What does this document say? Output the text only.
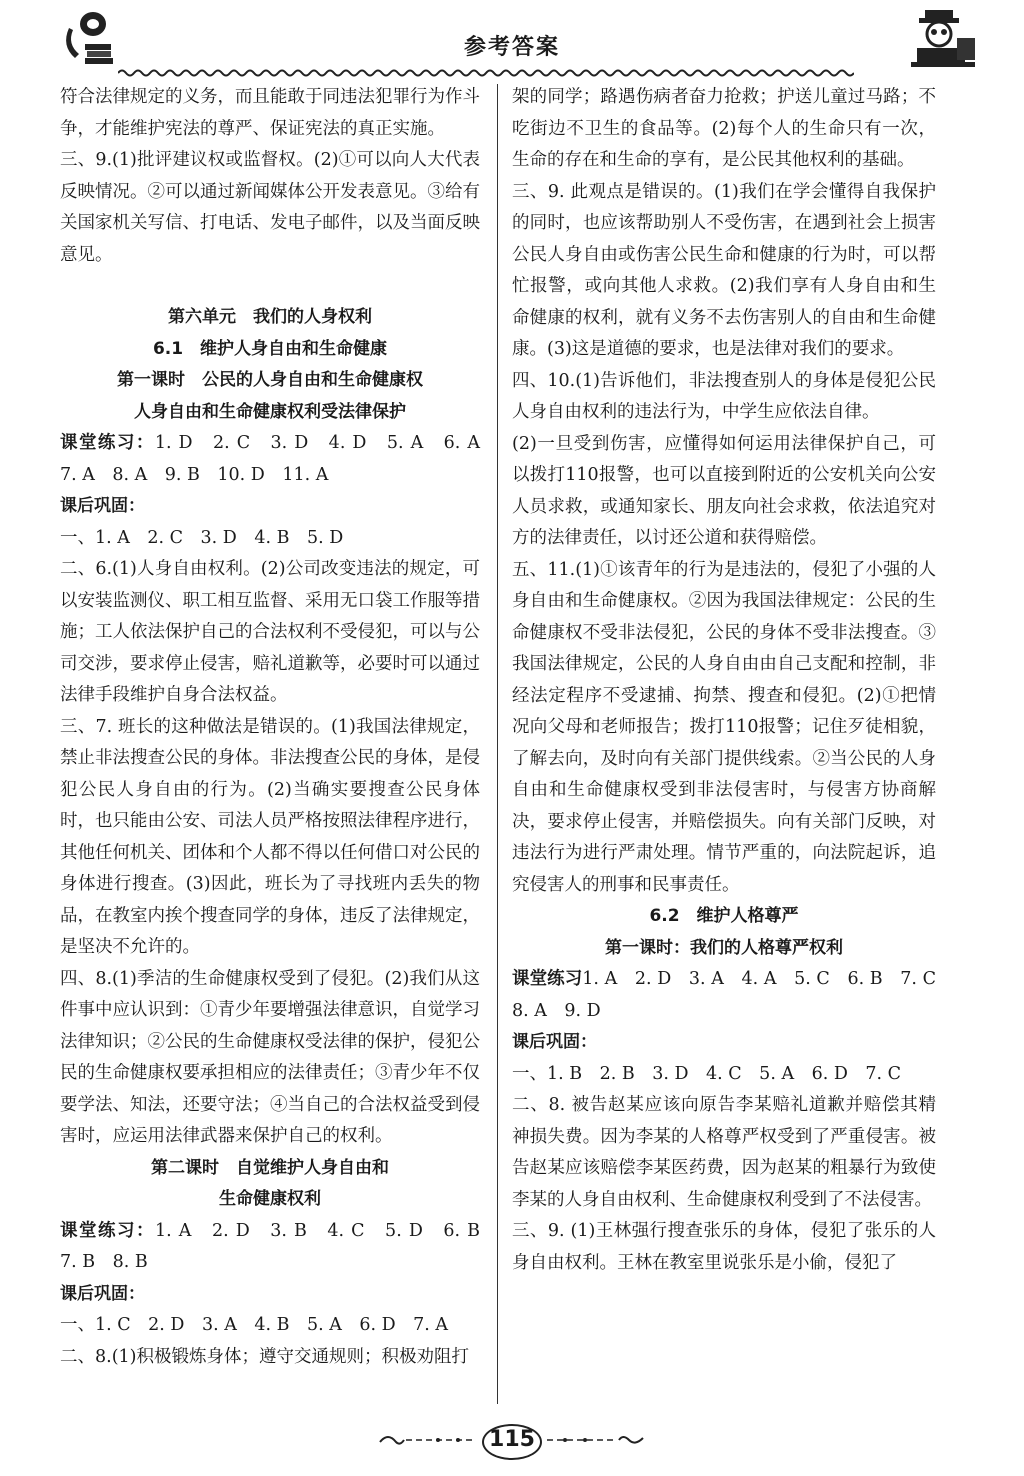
参考答案

符合法律规定的义务，而且能敢于同违法犯罪行为作斗争，才能维护宪法的尊严、保证宪法的真正实施。

三、9.(1)批评建议权或监督权。(2)①可以向人大代表反映情况。②可以通过新闻媒体公开发表意见。③给有关国家机关写信、打电话、发电子邮件，以及当面反映意见。

第六单元　我们的人身权利

6.1　维护人身自由和生命健康

第一课时　公民的人身自由和生命健康权

人身自由和生命健康权利受法律保护

课堂练习：1. D　2. C　3. D　4. D　5. A　6. A　7. A　8. A　9. B　10. D　11. A

课后巩固：

一、1. A　2. C　3. D　4. B　5. D

二、6.(1)人身自由权利。(2)公司改变违法的规定，可以安装监测仪、职工相互监督、采用无口袋工作服等措施；工人依法保护自己的合法权利不受侵犯，可以与公司交涉，要求停止侵害，赔礼道歉等，必要时可以通过法律手段维护自身合法权益。

三、7. 班长的这种做法是错误的。(1)我国法律规定，禁止非法搜查公民的身体。非法搜查公民的身体，是侵犯公民人身自由的行为。(2)当确实要搜查公民身体时，也只能由公安、司法人员严格按照法律程序进行，其他任何机关、团体和个人都不得以任何借口对公民的身体进行搜查。(3)因此，班长为了寻找班内丢失的物品，在教室内挨个搜查同学的身体，违反了法律规定，是坚决不允许的。

四、8.(1)季洁的生命健康权受到了侵犯。(2)我们从这件事中应认识到：①青少年要增强法律意识，自觉学习法律知识；②公民的生命健康权受法律的保护，侵犯公民的生命健康权要承担相应的法律责任；③青少年不仅要学法、知法，还要守法；④当自己的合法权益受到侵害时，应运用法律武器来保护自己的权利。

第二课时　自觉维护人身自由和

生命健康权利

课堂练习：1. A　2. D　3. B　4. C　5. D　6. B　7. B　8. B

课后巩固：

一、1. C　2. D　3. A　4. B　5. A　6. D　7. A

二、8.(1)积极锻炼身体；遵守交通规则；积极劝阻打

架的同学；路遇伤病者奋力抢救；护送儿童过马路；不吃街边不卫生的食品等。(2)每个人的生命只有一次，生命的存在和生命的享有，是公民其他权利的基础。

三、9. 此观点是错误的。(1)我们在学会懂得自我保护的同时，也应该帮助别人不受伤害，在遇到社会上损害公民人身自由或伤害公民生命和健康的行为时，可以帮忙报警，或向其他人求救。(2)我们享有人身自由和生命健康的权利，就有义务不去伤害别人的自由和生命健康。(3)这是道德的要求，也是法律对我们的要求。

四、10.(1)告诉他们，非法搜查别人的身体是侵犯公民人身自由权利的违法行为，中学生应依法自律。

(2)一旦受到伤害，应懂得如何运用法律保护自己，可以拨打110报警，也可以直接到附近的公安机关向公安人员求救，或通知家长、朋友向社会求救，依法追究对方的法律责任，以讨还公道和获得赔偿。

五、11.(1)①该青年的行为是违法的，侵犯了小强的人身自由和生命健康权。②因为我国法律规定：公民的生命健康权不受非法侵犯，公民的身体不受非法搜查。③我国法律规定，公民的人身自由由自己支配和控制，非经法定程序不受逮捕、拘禁、搜查和侵犯。(2)①把情况向父母和老师报告；拨打110报警；记住歹徒相貌，了解去向，及时向有关部门提供线索。②当公民的人身自由和生命健康权受到非法侵害时，与侵害方协商解决，要求停止侵害，并赔偿损失。向有关部门反映，对违法行为进行严肃处理。情节严重的，向法院起诉，追究侵害人的刑事和民事责任。

6.2　维护人格尊严

第一课时：我们的人格尊严权利

课堂练习1. A　2. D　3. A　4. A　5. C　6. B　7. C　8. A　9. D

课后巩固：

一、1. B　2. B　3. D　4. C　5. A　6. D　7. C

二、8. 被告赵某应该向原告李某赔礼道歉并赔偿其精神损失费。因为李某的人格尊严权受到了严重侵害。被告赵某应该赔偿李某医药费，因为赵某的粗暴行为致使李某的人身自由权利、生命健康权利受到了不法侵害。

三、9. (1)王林强行搜查张乐的身体，侵犯了张乐的人身自由权利。王林在教室里说张乐是小偷，侵犯了

115
